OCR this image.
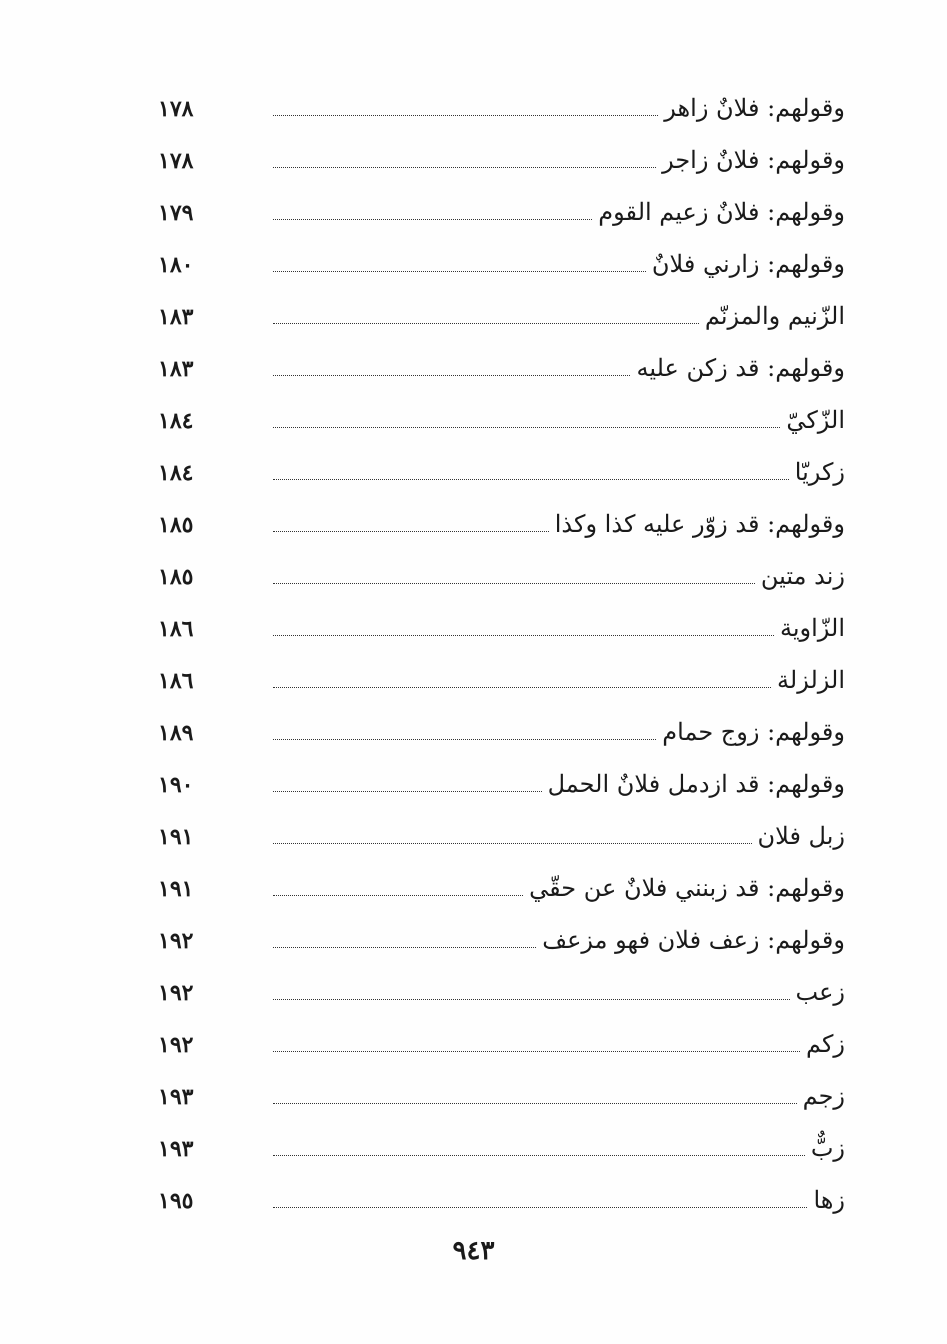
١٧٨	وقولهم: فلانٌ زاهر
١٧٨	وقولهم: فلانٌ زاجر
١٧٩	وقولهم: فلانٌ زعيم القوم
١٨٠	وقولهم: زارني فلانٌ
١٨٣	الزّنيم والمزنّم
١٨٣	وقولهم: قد زكن عليه
١٨٤	الزّكيّ
١٨٤	زكريّا
١٨٥	وقولهم: قد زوّر عليه كذا وكذا
١٨٥	زند متين
١٨٦	الزّاوية
١٨٦	الزلزلة
١٨٩	وقولهم: زوج حمام
١٩٠	وقولهم: قد ازدمل فلانٌ الحمل
١٩١	زبل فلان
١٩١	وقولهم: قد زبنني فلانٌ عن حقّي
١٩٢	وقولهم: زعف فلان فهو مزعف
١٩٢	زعب
١٩٢	زكم
١٩٣	زجم
١٩٣	زبٌّ
١٩٥	زها
٩٤٣
